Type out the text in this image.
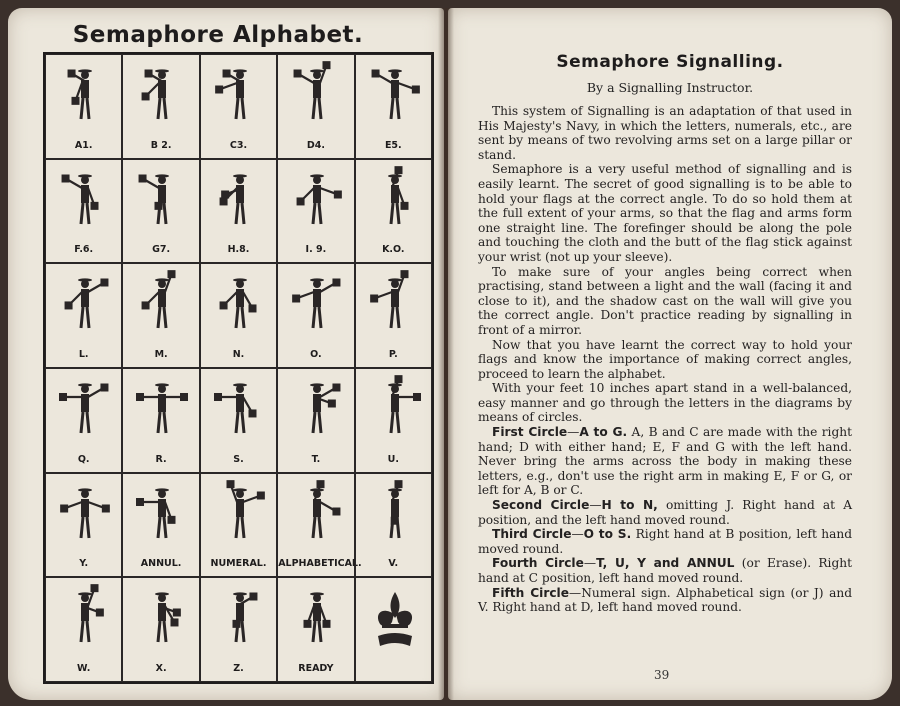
Semaphore Alphabet.
A1.	B 2.	C3.	D4.	E5.
F.6.	G7.	H.8.	I. 9.	K.O.
L.	M.	N.	O.	P.
Q.	R.	S.	T.	U.
Y.	ANNUL.	NUMERAL.	ALPHABETICAL.	V.
W.	X.	Z.	READY
Semaphore Signalling.
By a Signalling Instructor.

This system of Signalling is an adaptation of that used in His Majesty's Navy, in which the letters, numerals, etc., are sent by means of two revolving arms set on a large pillar or stand.

Semaphore is a very useful method of signalling and is easily learnt. The secret of good signalling is to be able to hold your flags at the correct angle. To do so hold them at the full extent of your arms, so that the flag and arms form one straight line. The forefinger should be along the pole and touching the cloth and the butt of the flag stick against your wrist (not up your sleeve).

To make sure of your angles being correct when practising, stand between a light and the wall (facing it and close to it), and the shadow cast on the wall will give you the correct angle. Don't practice reading by signalling in front of a mirror.

Now that you have learnt the correct way to hold your flags and know the importance of making correct angles, proceed to learn the alphabet.

With your feet 10 inches apart stand in a well-balanced, easy manner and go through the letters in the diagrams by means of circles.

First Circle—A to G. A, B and C are made with the right hand; D with either hand; E, F and G with the left hand. Never bring the arms across the body in making these letters, e.g., don't use the right arm in making E, F or G, or left for A, B or C.

Second Circle—H to N, omitting J. Right hand at A position, and the left hand moved round.

Third Circle—O to S. Right hand at B position, left hand moved round.

Fourth Circle—T, U, Y and ANNUL (or Erase). Right hand at C position, left hand moved round.

Fifth Circle—Numeral sign. Alphabetical sign (or J) and V. Right hand at D, left hand moved round.

39
